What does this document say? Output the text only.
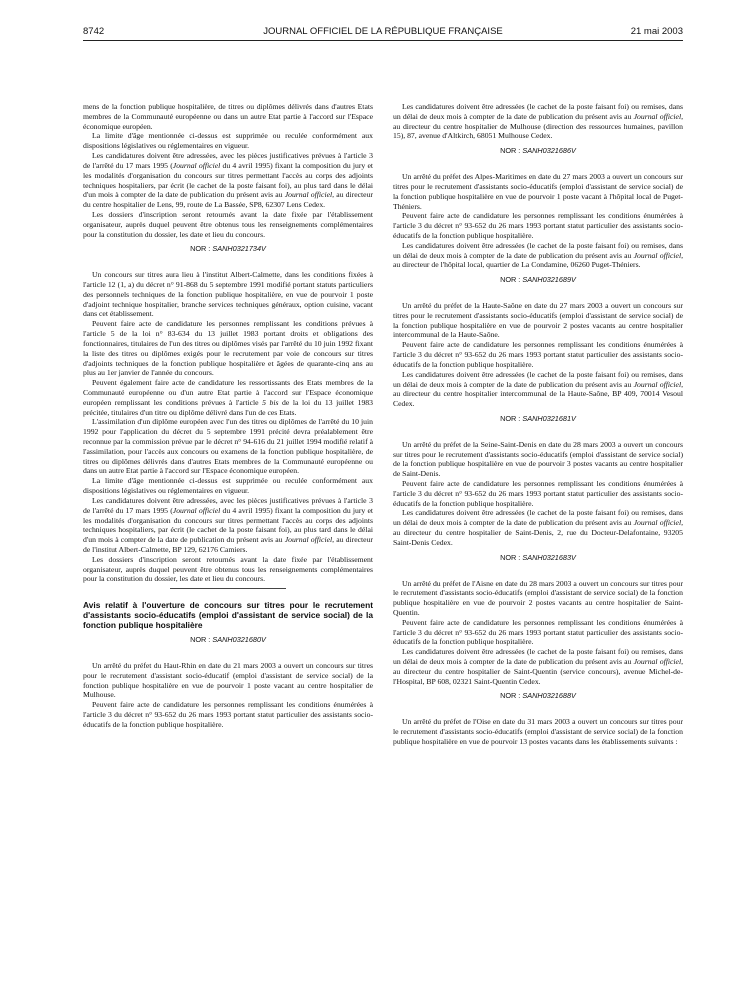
8742	JOURNAL OFFICIEL DE LA RÉPUBLIQUE FRANÇAISE	21 mai 2003

mens de la fonction publique hospitalière, de titres ou diplômes délivrés dans d'autres Etats membres de la Communauté européenne ou dans un autre Etat partie à l'accord sur l'Espace économique européen.

La limite d'âge mentionnée ci-dessus est supprimée ou reculée conformément aux dispositions législatives ou réglementaires en vigueur.

Les candidatures doivent être adressées, avec les pièces justificatives prévues à l'article 3 de l'arrêté du 17 mars 1995 (Journal officiel du 4 avril 1995) fixant la composition du jury et les modalités d'organisation du concours sur titres permettant l'accès au corps des adjoints techniques hospitaliers, par écrit (le cachet de la poste faisant foi), au plus tard dans le délai d'un mois à compter de la date de publication du présent avis au Journal officiel, au directeur du centre hospitalier de Lens, 99, route de La Bassée, SP8, 62307 Lens Cedex.

Les dossiers d'inscription seront retournés avant la date fixée par l'établissement organisateur, auprès duquel peuvent être obtenus tous les renseignements complémentaires pour la constitution du dossier, les date et lieu du concours.

NOR : SANH0321734V

Un concours sur titres aura lieu à l'institut Albert-Calmette, dans les conditions fixées à l'article 12 (1, a) du décret n° 91-868 du 5 septembre 1991 modifié portant statuts particuliers des personnels techniques de la fonction publique hospitalière, en vue de pourvoir 1 poste d'adjoint technique hospitalier, branche services techniques généraux, option cuisine, vacant dans cet établissement.

Peuvent faire acte de candidature les personnes remplissant les conditions prévues à l'article 5 de la loi n° 83-634 du 13 juillet 1983 portant droits et obligations des fonctionnaires, titulaires de l'un des titres ou diplômes visés par l'arrêté du 10 juin 1992 fixant la liste des titres ou diplômes exigés pour le recrutement par voie de concours sur titres d'adjoints techniques de la fonction publique hospitalière et âgées de quarante-cinq ans au plus au 1er janvier de l'année du concours.

Peuvent également faire acte de candidature les ressortissants des Etats membres de la Communauté européenne ou d'un autre Etat partie à l'accord sur l'Espace économique européen remplissant les conditions prévues à l'article 5 bis de la loi du 13 juillet 1983 précitée, titulaires d'un titre ou diplôme délivré dans l'un de ces Etats.

L'assimilation d'un diplôme européen avec l'un des titres ou diplômes de l'arrêté du 10 juin 1992 pour l'application du décret du 5 septembre 1991 précité devra préalablement être reconnue par la commission prévue par le décret n° 94-616 du 21 juillet 1994 modifié relatif à l'assimilation, pour l'accès aux concours ou examens de la fonction publique hospitalière, de titres ou diplômes délivrés dans d'autres Etats membres de la Communauté européenne ou dans un autre Etat partie à l'accord sur l'Espace économique européen.

La limite d'âge mentionnée ci-dessus est supprimée ou reculée conformément aux dispositions législatives ou réglementaires en vigueur.

Les candidatures doivent être adressées, avec les pièces justificatives prévues à l'article 3 de l'arrêté du 17 mars 1995 (Journal officiel du 4 avril 1995) fixant la composition du jury et les modalités d'organisation du concours sur titres permettant l'accès au corps des adjoints techniques hospitaliers, par écrit (le cachet de la poste faisant foi), au plus tard dans le délai d'un mois à compter de la date de publication du présent avis au Journal officiel, au directeur de l'institut Albert-Calmette, BP 129, 62176 Camiers.

Les dossiers d'inscription seront retournés avant la date fixée par l'établissement organisateur, auprès duquel peuvent être obtenus tous les renseignements complémentaires pour la constitution du dossier, les date et lieu du concours.

Avis relatif à l'ouverture de concours sur titres pour le recrutement d'assistants socio-éducatifs (emploi d'assistant de service social) de la fonction publique hospitalière
NOR : SANH0321680V

Un arrêté du préfet du Haut-Rhin en date du 21 mars 2003 a ouvert un concours sur titres pour le recrutement d'assistant socio-éducatif (emploi d'assistant de service social) de la fonction publique hospitalière en vue de pourvoir 1 poste vacant au centre hospitalier de Mulhouse.

Peuvent faire acte de candidature les personnes remplissant les conditions énumérées à l'article 3 du décret n° 93-652 du 26 mars 1993 portant statut particulier des assistants socio-éducatifs de la fonction publique hospitalière.

Les candidatures doivent être adressées (le cachet de la poste faisant foi) ou remises, dans un délai de deux mois à compter de la date de publication du présent avis au Journal officiel, au directeur du centre hospitalier de Mulhouse (direction des ressources humaines, pavillon 15), 87, avenue d'Altkirch, 68051 Mulhouse Cedex.

NOR : SANH0321686V

Un arrêté du préfet des Alpes-Maritimes en date du 27 mars 2003 a ouvert un concours sur titres pour le recrutement d'assistants socio-éducatifs (emploi d'assistant de service social) de la fonction publique hospitalière en vue de pourvoir 1 poste vacant à l'hôpital local de Puget-Théniers.

Peuvent faire acte de candidature les personnes remplissant les conditions énumérées à l'article 3 du décret n° 93-652 du 26 mars 1993 portant statut particulier des assistants socio-éducatifs de la fonction publique hospitalière.

Les candidatures doivent être adressées (le cachet de la poste faisant foi) ou remises, dans un délai de deux mois à compter de la date de publication du présent avis au Journal officiel, au directeur de l'hôpital local, quartier de La Condamine, 06260 Puget-Théniers.

NOR : SANH0321689V

Un arrêté du préfet de la Haute-Saône en date du 27 mars 2003 a ouvert un concours sur titres pour le recrutement d'assistants socio-éducatifs (emploi d'assistant de service social) de la fonction publique hospitalière en vue de pourvoir 2 postes vacants au centre hospitalier intercommunal de la Haute-Saône.

Peuvent faire acte de candidature les personnes remplissant les conditions énumérées à l'article 3 du décret n° 93-652 du 26 mars 1993 portant statut particulier des assistants socio-éducatifs de la fonction publique hospitalière.

Les candidatures doivent être adressées (le cachet de la poste faisant foi) ou remises, dans un délai de deux mois à compter de la date de publication du présent avis au Journal officiel, au directeur du centre hospitalier intercommunal de la Haute-Saône, BP 409, 70014 Vesoul Cedex.

NOR : SANH0321681V

Un arrêté du préfet de la Seine-Saint-Denis en date du 28 mars 2003 a ouvert un concours sur titres pour le recrutement d'assistants socio-éducatifs (emploi d'assistant de service social) de la fonction publique hospitalière en vue de pourvoir 3 postes vacants au centre hospitalier de Saint-Denis.

Peuvent faire acte de candidature les personnes remplissant les conditions énumérées à l'article 3 du décret n° 93-652 du 26 mars 1993 portant statut particulier des assistants socio-éducatifs de la fonction publique hospitalière.

Les candidatures doivent être adressées (le cachet de la poste faisant foi) ou remises, dans un délai de deux mois à compter de la date de publication du présent avis au Journal officiel, au directeur du centre hospitalier de Saint-Denis, 2, rue du Docteur-Delafontaine, 93205 Saint-Denis Cedex.

NOR : SANH0321683V

Un arrêté du préfet de l'Aisne en date du 28 mars 2003 a ouvert un concours sur titres pour le recrutement d'assistants socio-éducatifs (emploi d'assistant de service social) de la fonction publique hospitalière en vue de pourvoir 2 postes vacants au centre hospitalier de Saint-Quentin.

Peuvent faire acte de candidature les personnes remplissant les conditions énumérées à l'article 3 du décret n° 93-652 du 26 mars 1993 portant statut particulier des assistants socio-éducatifs de la fonction publique hospitalière.

Les candidatures doivent être adressées (le cachet de la poste faisant foi) ou remises, dans un délai de deux mois à compter de la date de publication du présent avis au Journal officiel, au directeur du centre hospitalier de Saint-Quentin (service concours), avenue Michel-de-l'Hospital, BP 608, 02321 Saint-Quentin Cedex.

NOR : SANH0321688V

Un arrêté du préfet de l'Oise en date du 31 mars 2003 a ouvert un concours sur titres pour le recrutement d'assistants socio-éducatifs (emploi d'assistant de service social) de la fonction publique hospitalière en vue de pourvoir 13 postes vacants dans les établissements suivants :
